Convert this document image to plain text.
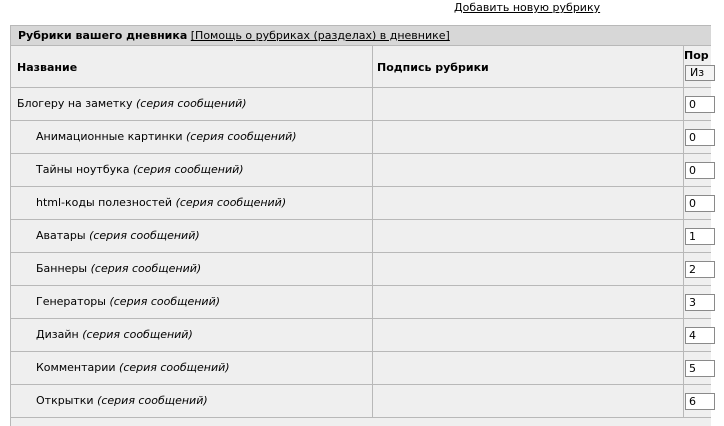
Добавить новую рубрику
Рубрики вашего дневника [Помощь о рубриках (разделах) в дневнике]
Название	Подпись рубрики
Пор
Из
Блогеру на заметку (серия сообщений)
0
Анимационные картинки (серия сообщений)
0
Тайны ноутбука (серия сообщений)
0
html-коды полезностей (серия сообщений)
0
Аватары (серия сообщений)
1
Баннеры (серия сообщений)
2
Генераторы (серия сообщений)
3
Дизайн (серия сообщений)
4
Комментарии (серия сообщений)
5
Открытки (серия сообщений)
6
